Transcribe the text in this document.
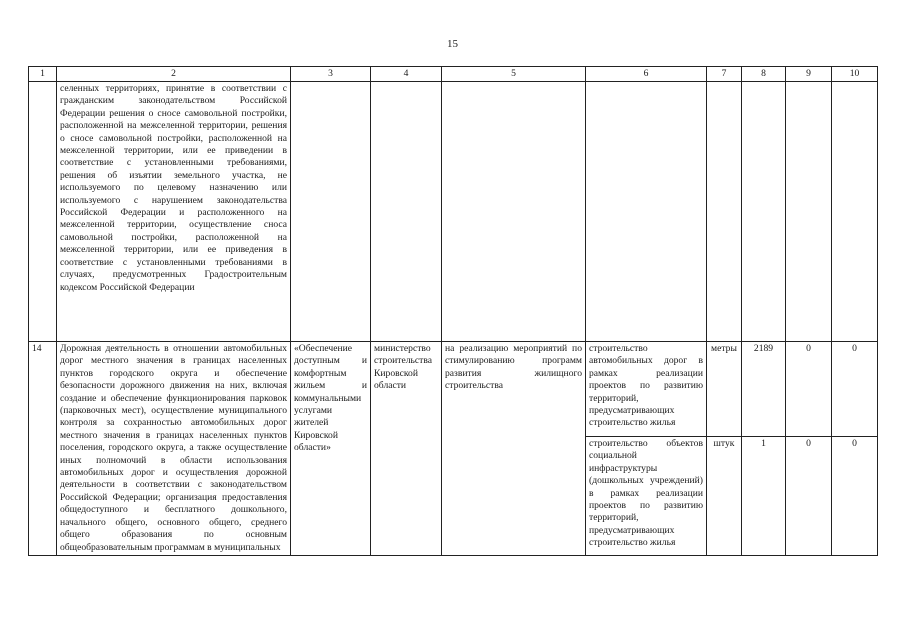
15
1	2	3	4	5	6	7	8	9	10
	селенных территориях, принятие в соответствии с гражданским законодательством Российской Федерации решения о сносе самовольной постройки, расположенной на межселенной территории, решения о сносе самовольной постройки, расположенной на межселенной территории, или ее приведении в соответствие с установленными требованиями, решения об изъятии земельного участка, не используемого по целевому назначению или используемого с нарушением законодательства Российской Федерации и расположенного на межселенной территории, осуществление сноса самовольной постройки, расположенной на межселенной территории, или ее приведения в соответствие с установленными требованиями в случаях, предусмотренных Градостроительным кодексом Российской Федерации								
14	Дорожная деятельность в отношении автомобильных дорог местного значения в границах населенных пунктов городского округа и обеспечение безопасности дорожного движения на них, включая создание и обеспечение функционирования парковок (парковочных мест), осуществление муниципального контроля за сохранностью автомобильных дорог местного значения в границах населенных пунктов поселения, городского округа, а также осуществление иных полномочий в области использования автомобильных дорог и осуществления дорожной деятельности в соответствии с законодательством Российской Федерации; организация предоставления общедоступного и бесплатного дошкольного, начального общего, основного общего, среднего общего образования по основным общеобразовательным программам в муниципальных	«Обеспечение доступным и комфортным жильем и коммунальными услугами жителей Кировской области»	министерство строительства Кировской области	на реализацию мероприятий по стимулированию программ развития жилищного строительства	строительство автомобильных дорог в рамках реализации проектов по развитию территорий, предусматривающих строительство жилья	метры	2189	0	0
					строительство объектов социальной инфраструктуры (дошкольных учреждений) в рамках реализации проектов по развитию территорий, предусматривающих строительство жилья	штук	1	0	0
